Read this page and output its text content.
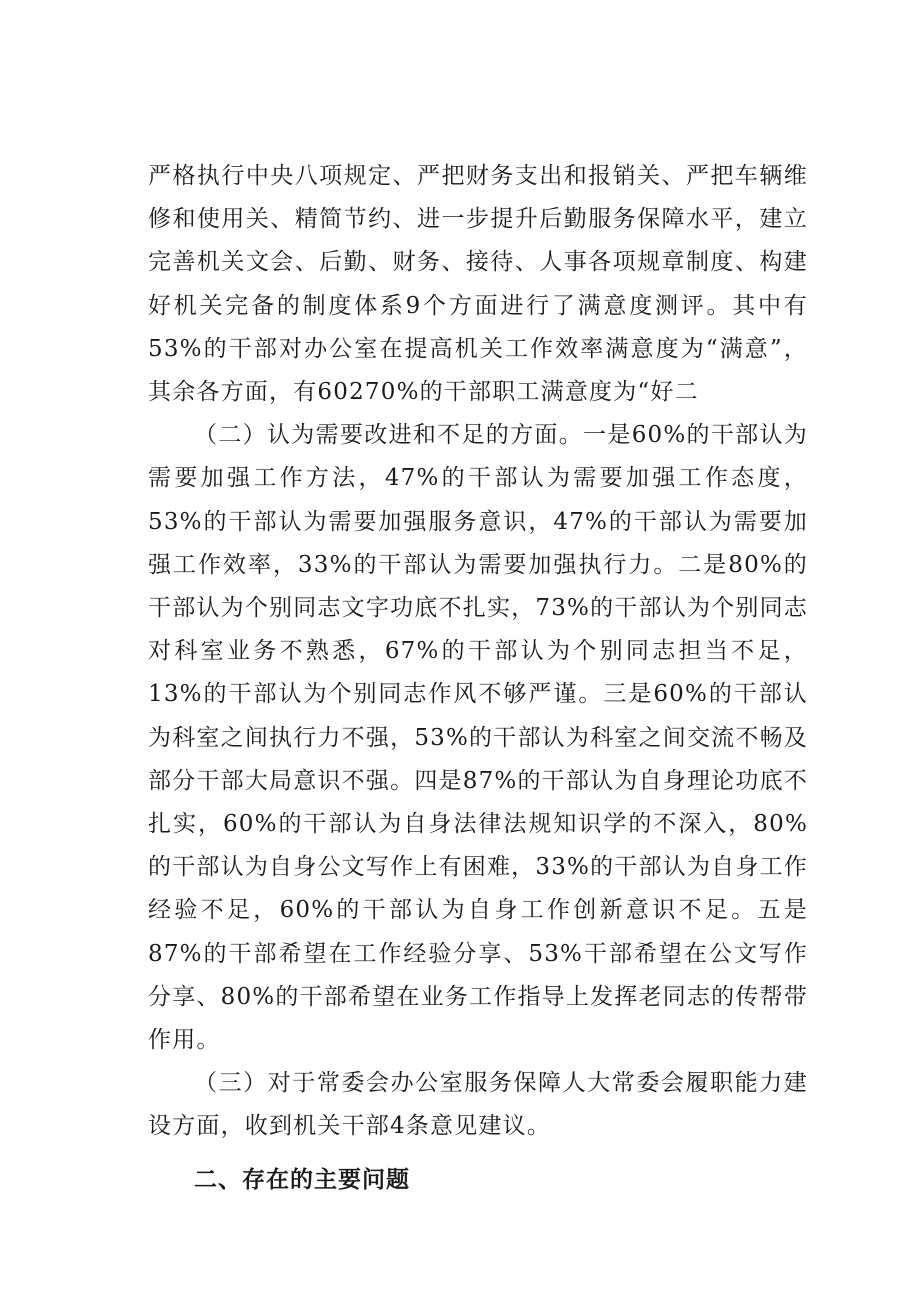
严格执行中央八项规定、严把财务支出和报销关、严把车辆维修和使用关、精简节约、进一步提升后勤服务保障水平，建立完善机关文会、后勤、财务、接待、人事各项规章制度、构建好机关完备的制度体系9个方面进行了满意度测评。其中有53%的干部对办公室在提高机关工作效率满意度为“满意”，其余各方面，有60270%的干部职工满意度为“好二

（二）认为需要改进和不足的方面。一是60%的干部认为需要加强工作方法，47%的干部认为需要加强工作态度，53%的干部认为需要加强服务意识，47%的干部认为需要加强工作效率，33%的干部认为需要加强执行力。二是80%的干部认为个别同志文字功底不扎实，73%的干部认为个别同志对科室业务不熟悉，67%的干部认为个别同志担当不足，13%的干部认为个别同志作风不够严谨。三是60%的干部认为科室之间执行力不强，53%的干部认为科室之间交流不畅及部分干部大局意识不强。四是87%的干部认为自身理论功底不扎实，60%的干部认为自身法律法规知识学的不深入，80%的干部认为自身公文写作上有困难，33%的干部认为自身工作经验不足，60%的干部认为自身工作创新意识不足。五是87%的干部希望在工作经验分享、53%干部希望在公文写作分享、80%的干部希望在业务工作指导上发挥老同志的传帮带作用。

（三）对于常委会办公室服务保障人大常委会履职能力建设方面，收到机关干部4条意见建议。

二、存在的主要问题
